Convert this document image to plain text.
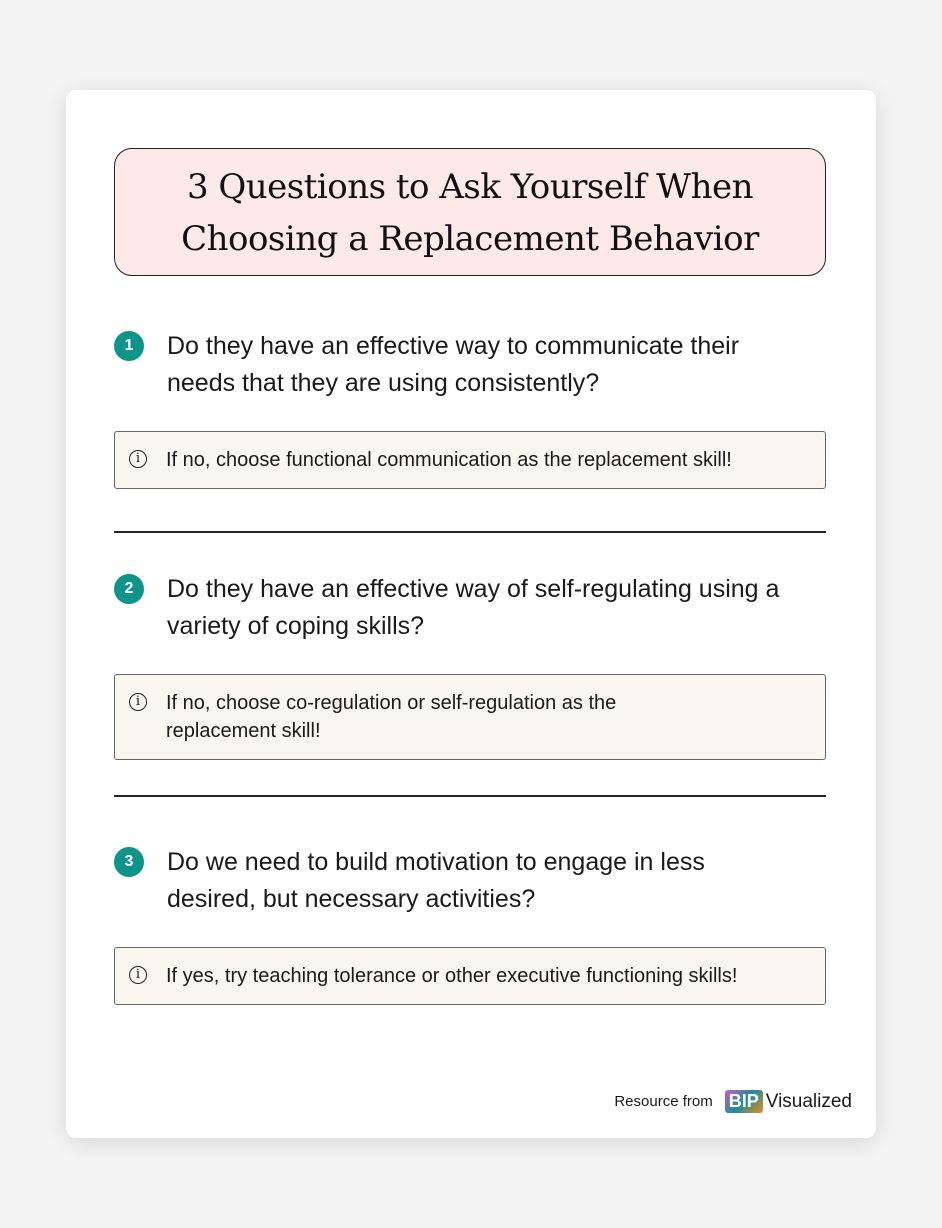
3 Questions to Ask Yourself When
Choosing a Replacement Behavior
1	Do they have an effective way to communicate their needs that they are using consistently?
i	If no, choose functional communication as the replacement skill!
2	Do they have an effective way of self-regulating using a variety of coping skills?
i	If no, choose co-regulation or self-regulation as the replacement skill!
3	Do we need to build motivation to engage in less desired, but necessary activities?
i	If yes, try teaching tolerance or other executive functioning skills!
Resource from BIP Visualized
